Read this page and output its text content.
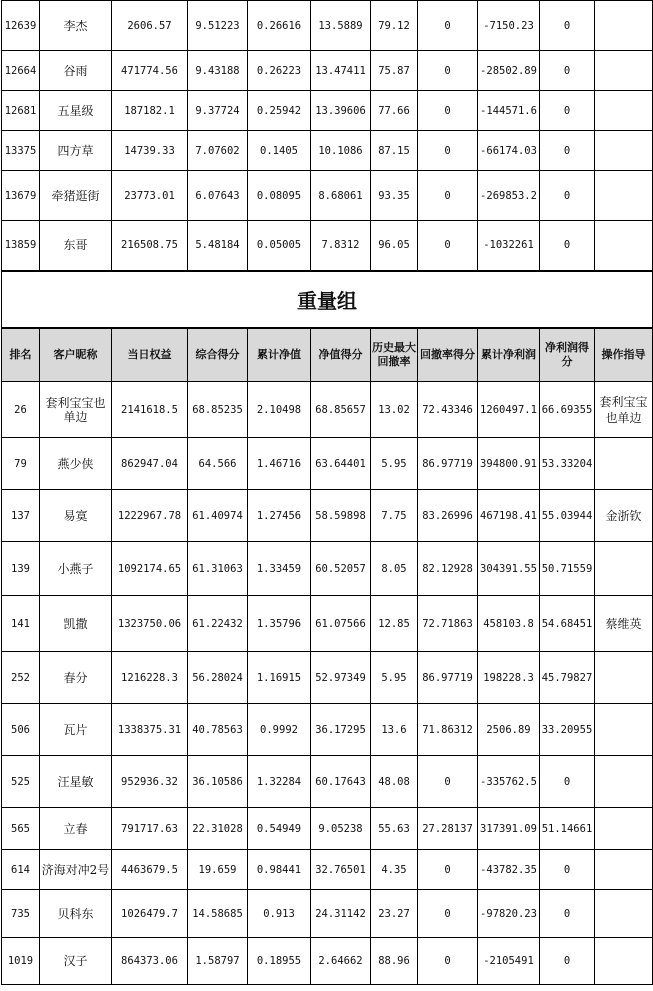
12639	李杰	2606.57	9.51223	0.26616	13.5889	79.12	0	-7150.23	0	
12664	谷雨	471774.56	9.43188	0.26223	13.47411	75.87	0	-28502.89	0	
12681	五星级	187182.1	9.37724	0.25942	13.39606	77.66	0	-144571.6	0	
13375	四方草	14739.33	7.07602	0.1405	10.1086	87.15	0	-66174.03	0	
13679	牵猪逛街	23773.01	6.07643	0.08095	8.68061	93.35	0	-269853.2	0	
13859	东哥	216508.75	5.48184	0.05005	7.8312	96.05	0	-1032261	0	
重量组										
排名	客户昵称	当日权益	综合得分	累计净值	净值得分	历史最大回撤率	回撤率得分	累计净利润	净利润得分	操作指导
26	套利宝宝也单边	2141618.5	68.85235	2.10498	68.85657	13.02	72.43346	1260497.1	66.69355	套利宝宝也单边
79	燕少侠	862947.04	64.566	1.46716	63.64401	5.95	86.97719	394800.91	53.33204	
137	易寞	1222967.78	61.40974	1.27456	58.59898	7.75	83.26996	467198.41	55.03944	金浙钦
139	小燕子	1092174.65	61.31063	1.33459	60.52057	8.05	82.12928	304391.55	50.71559	
141	凯撒	1323750.06	61.22432	1.35796	61.07566	12.85	72.71863	458103.8	54.68451	蔡维英
252	春分	1216228.3	56.28024	1.16915	52.97349	5.95	86.97719	198228.3	45.79827	
506	瓦片	1338375.31	40.78563	0.9992	36.17295	13.6	71.86312	2506.89	33.20955	
525	汪星敏	952936.32	36.10586	1.32284	60.17643	48.08	0	-335762.5	0	
565	立春	791717.63	22.31028	0.54949	9.05238	55.63	27.28137	317391.09	51.14661	
614	济海对冲2号	4463679.5	19.659	0.98441	32.76501	4.35	0	-43782.35	0	
735	贝科东	1026479.7	14.58685	0.913	24.31142	23.27	0	-97820.23	0	
1019	汉子	864373.06	1.58797	0.18955	2.64662	88.96	0	-2105491	0	
